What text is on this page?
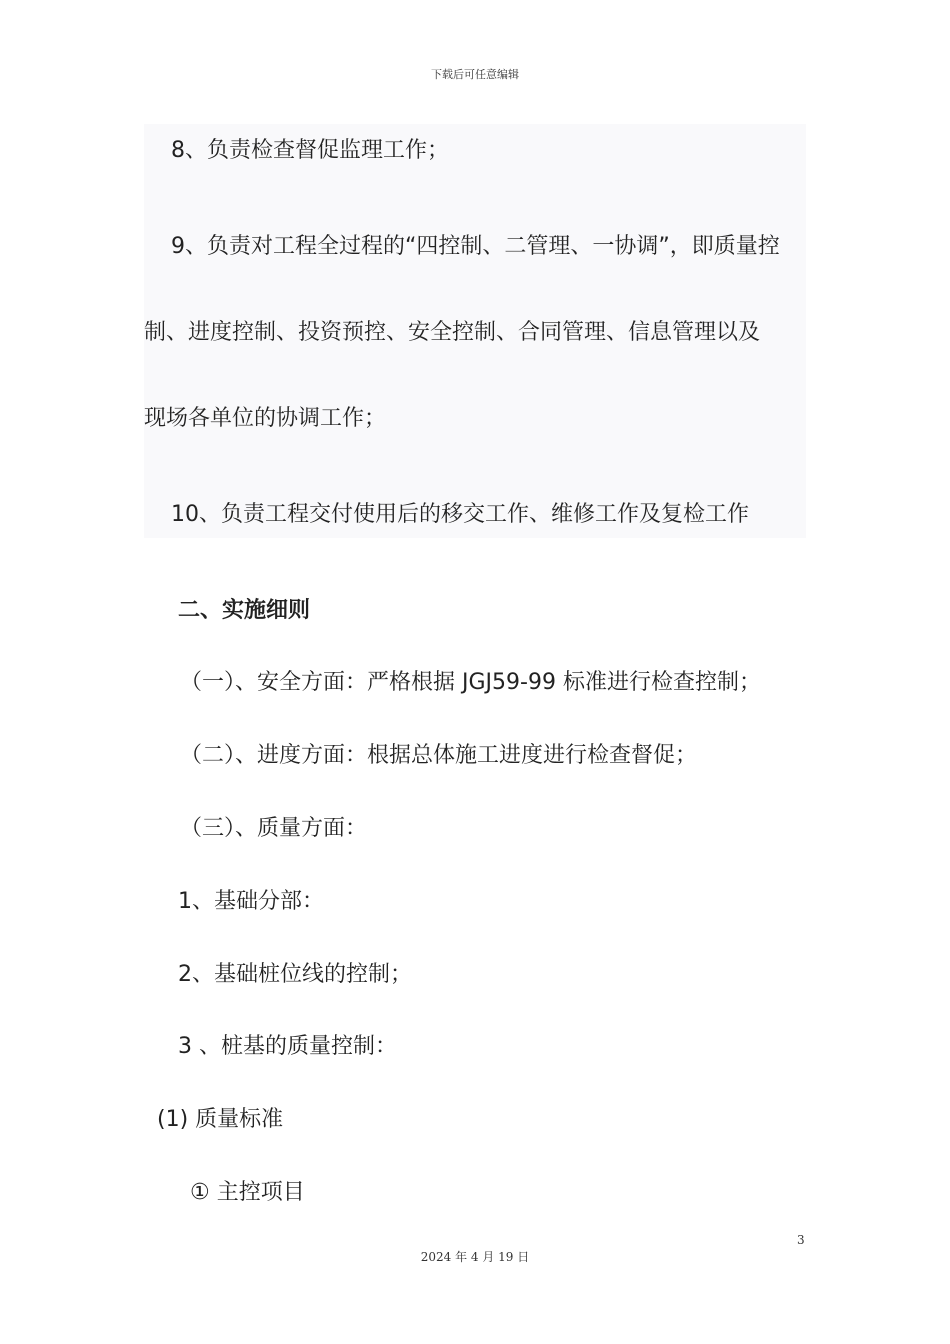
下载后可任意编辑
8、负责检查督促监理工作；
9、负责对工程全过程的“四控制、二管理、一协调”，即质量控
制、进度控制、投资预控、安全控制、合同管理、信息管理以及
现场各单位的协调工作；
10、负责工程交付使用后的移交工作、维修工作及复检工作
二、实施细则
（一）、安全方面：严格根据 JGJ59-99 标准进行检查控制；
（二）、进度方面：根据总体施工进度进行检查督促；
（三）、质量方面：
1、基础分部：
2、基础桩位线的控制；
3 、桩基的质量控制：
(1) 质量标准
① 主控项目
3
2024 年 4 月 19 日
